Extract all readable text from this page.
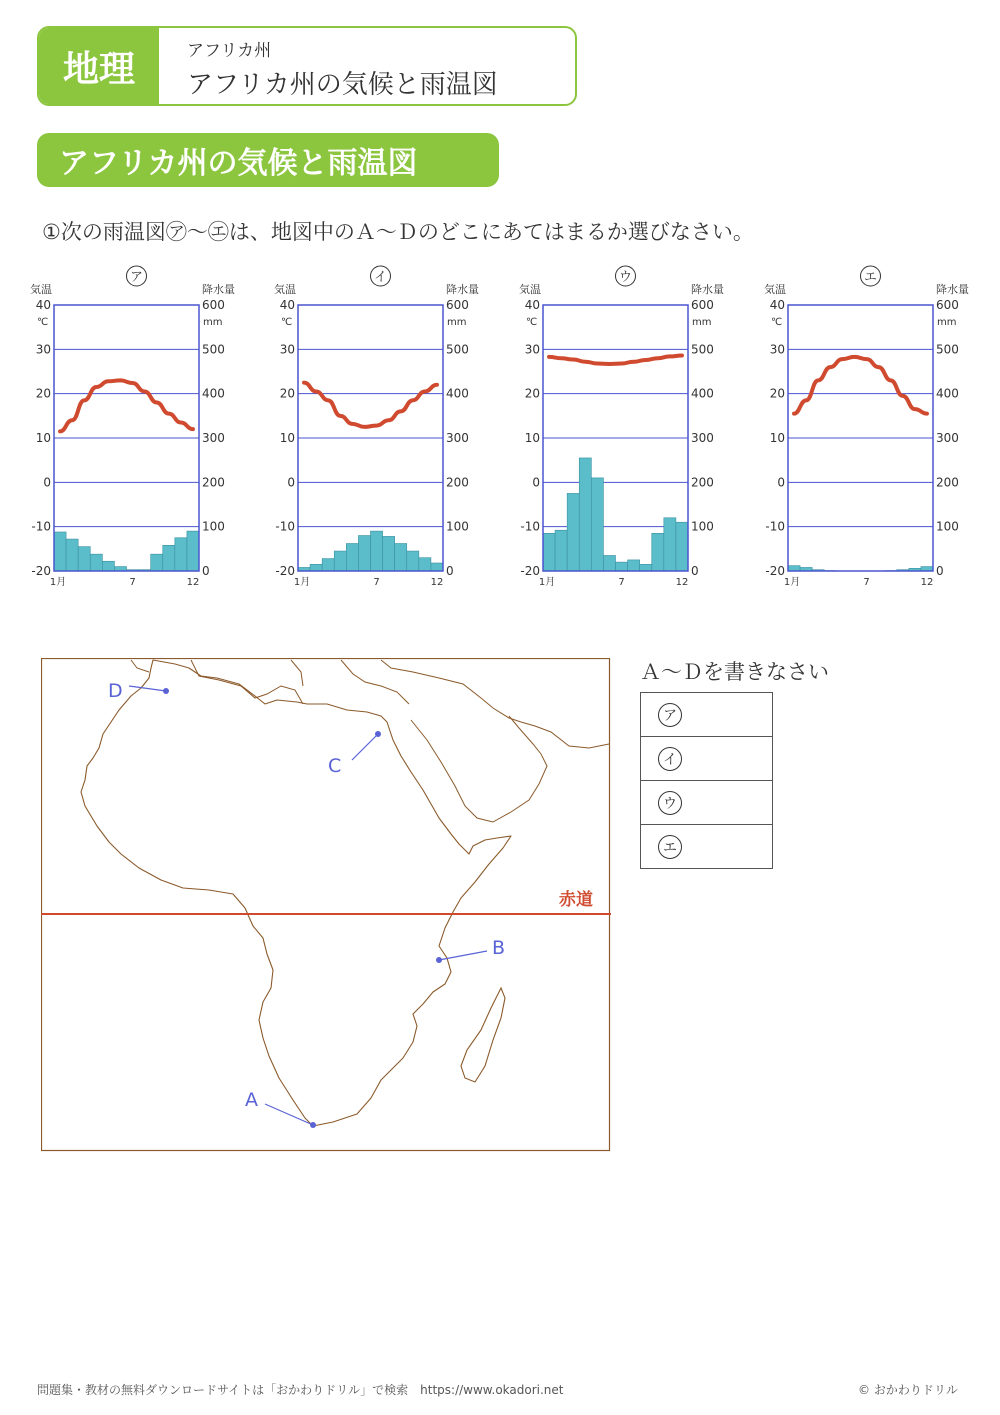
地理	アフリカ州
アフリカ州の気候と雨温図
アフリカ州の気候と雨温図
①次の雨温図㋐〜㋓は、地図中のＡ〜Ｄのどこにあてはまるか選びなさい。
ア
気温	降水量
℃	mm
40
30
20
10
0
-10
-20
600
500
400
300
200
100
0
1月	7	12
イ
気温	降水量
℃	mm
40
30
20
10
0
-10
-20
600
500
400
300
200
100
0
1月	7	12
ウ
気温	降水量
℃	mm
40
30
20
10
0
-10
-20
600
500
400
300
200
100
0
1月	7	12
エ
気温	降水量
℃	mm
40
30
20
10
0
-10
-20
600
500
400
300
200
100
0
1月	7	12
赤道
A
B
C
D
Ａ〜Ｄを書きなさい
ア
イ
ウ
エ
問題集・教材の無料ダウンロードサイトは「おかわりドリル」で検索　https://www.okadori.net	© おかわりドリル
